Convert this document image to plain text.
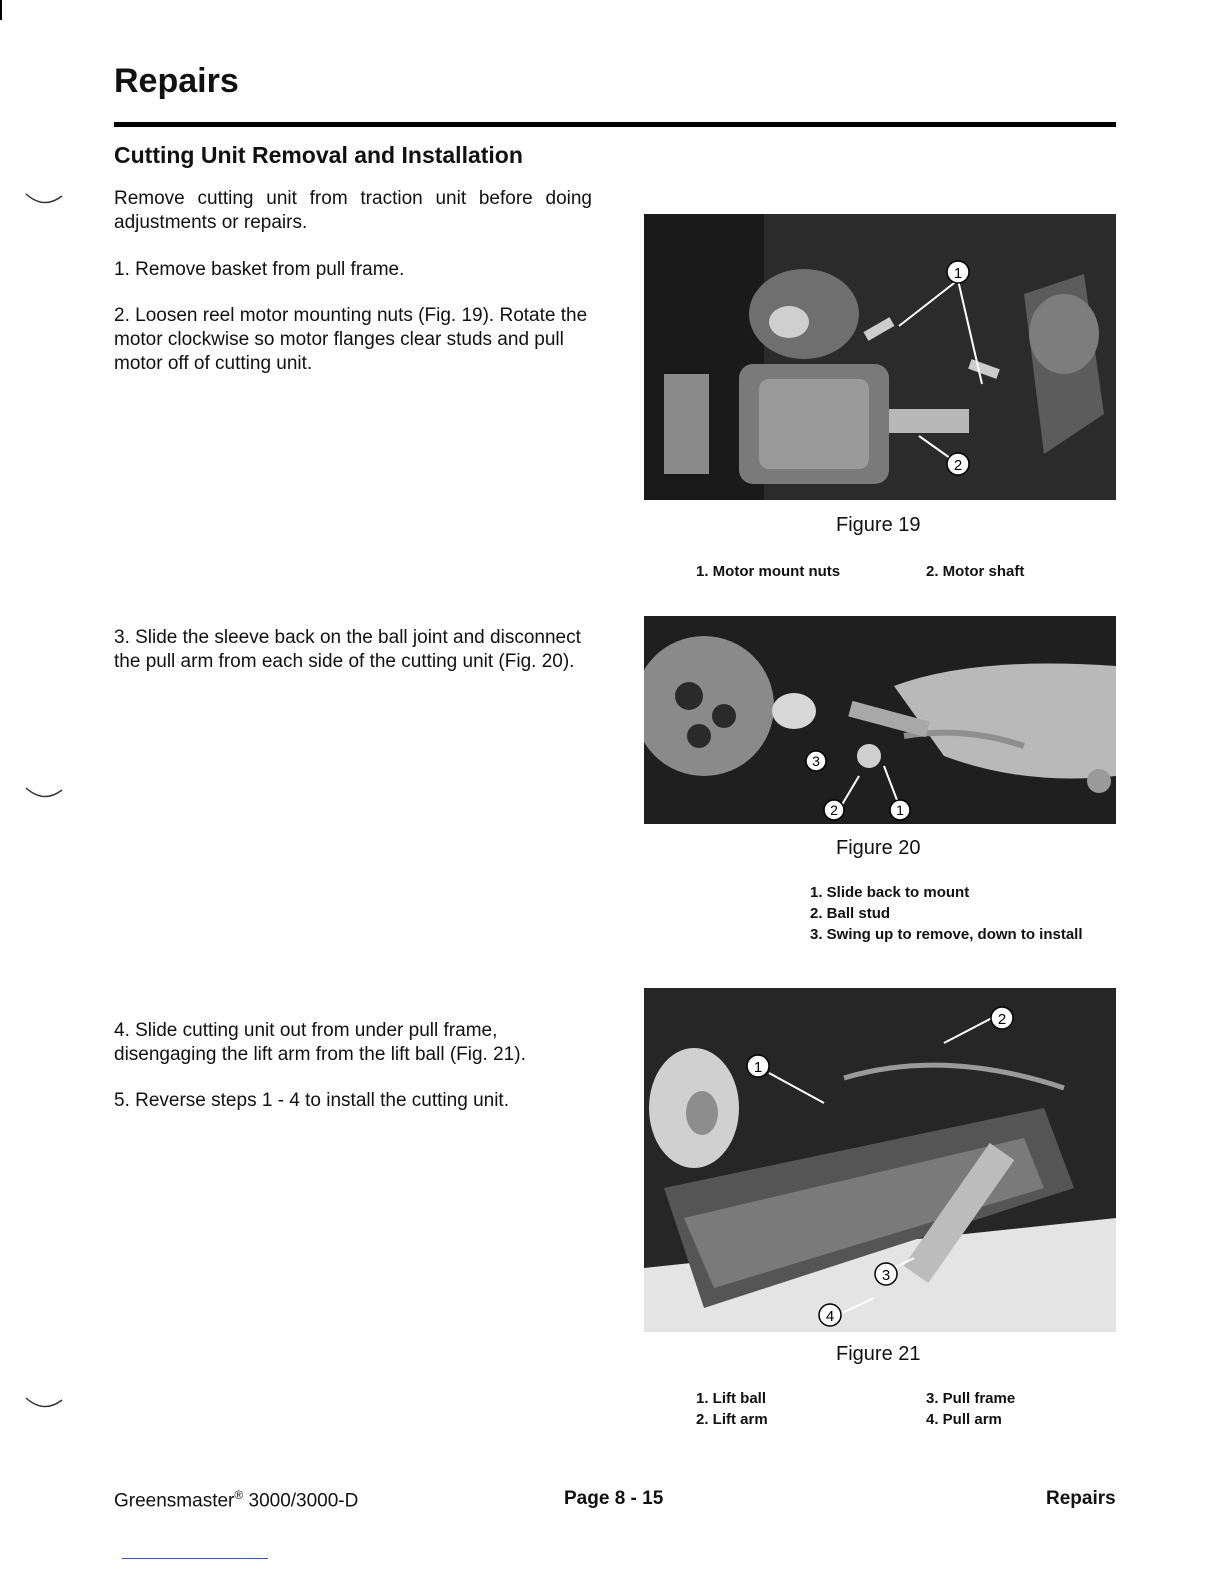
Repairs
Cutting Unit Removal and Installation
Remove cutting unit from traction unit before doing adjustments or repairs.
1. Remove basket from pull frame.
2. Loosen reel motor mounting nuts (Fig. 19). Rotate the motor clockwise so motor flanges clear studs and pull motor off of cutting unit.
3. Slide the sleeve back on the ball joint and disconnect the pull arm from each side of the cutting unit (Fig. 20).
4. Slide cutting unit out from under pull frame, disengaging the lift arm from the lift ball (Fig. 21).
5. Reverse steps 1 - 4 to install the cutting unit.
1
2
Figure 19
1. Motor mount nuts	2. Motor shaft
3
2	1
Figure 20
1. Slide back to mount
2. Ball stud
3. Swing up to remove, down to install
1
2
3
4
Figure 21
1. Lift ball
2. Lift arm
3. Pull frame
4. Pull arm
Greensmaster® 3000/3000-D	Page 8 - 15	Repairs
